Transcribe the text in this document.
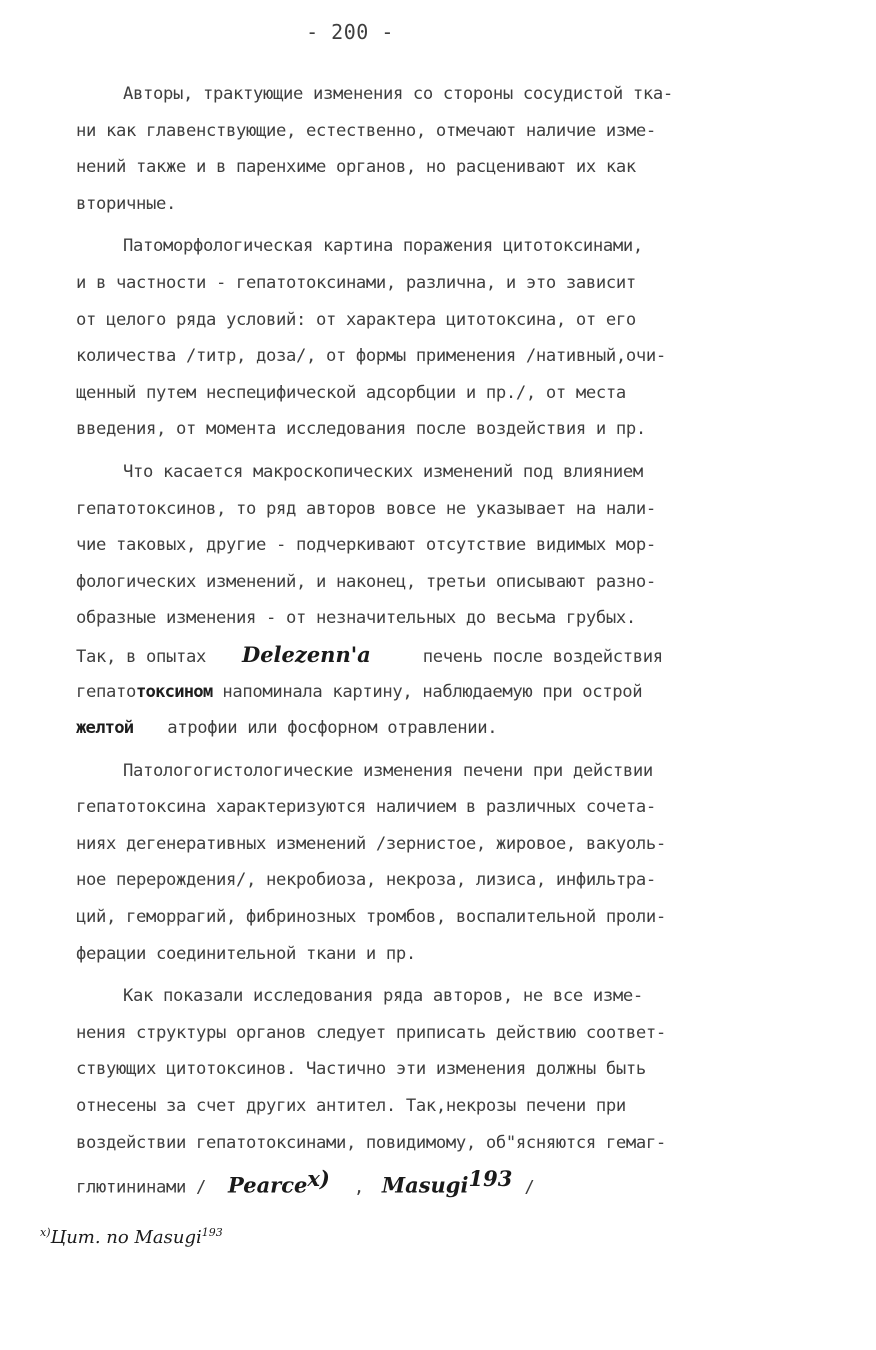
- 200 -
Авторы, трактующие изменения со стороны сосудистой тка-
ни как главенствующие, естественно, отмечают наличие изме-
нений также и в паренхиме органов, но расценивают их как
вторичные.
Патоморфологическая картина поражения цитотоксинами,
и в частности - гепатотоксинами, различна, и это зависит
от целого ряда условий: от характера цитотоксина, от его
количества /титр, доза/, от формы применения /нативный,очи-
щенный путем неспецифической адсорбции и пр./, от места
введения, от момента исследования после воздействия и пр.
Что касается макроскопических изменений под влиянием
гепатотоксинов, то ряд авторов вовсе не указывает на нали-
чие таковых, другие - подчеркивают отсутствие видимых мор-
фологических изменений, и наконец, третьи описывают разно-
образные изменения - от незначительных до весьма грубых.
Так, в опытах Delezenn'a	печень после воздействия
гепатотоксином напоминала картину, наблюдаемую при острой
желтой атрофии или фосфорном отравлении.
Патологогистологические изменения печени при действии
гепатотоксина характеризуются наличием в различных сочета-
ниях дегенеративных изменений /зернистое, жировое, вакуоль-
ное перерождения/, некробиоза, некроза, лизиса, инфильтра-
ций, геморрагий, фибринозных тромбов, воспалительной проли-
ферации соединительной ткани и пр.
Как показали исследования ряда авторов, не все изме-
нения структуры органов следует приписать действию соответ-
ствующих цитотоксинов. Частично эти изменения должны быть
отнесены за счет других антител. Так,некрозы печени при
воздействии гепатотоксинами, повидимому, об"ясняются гемаг-
глютининами / Pearce$^{x)}$ , Masugi$^{193}$ /
$^{x)}$Цит. по Masugi$^{193}$
